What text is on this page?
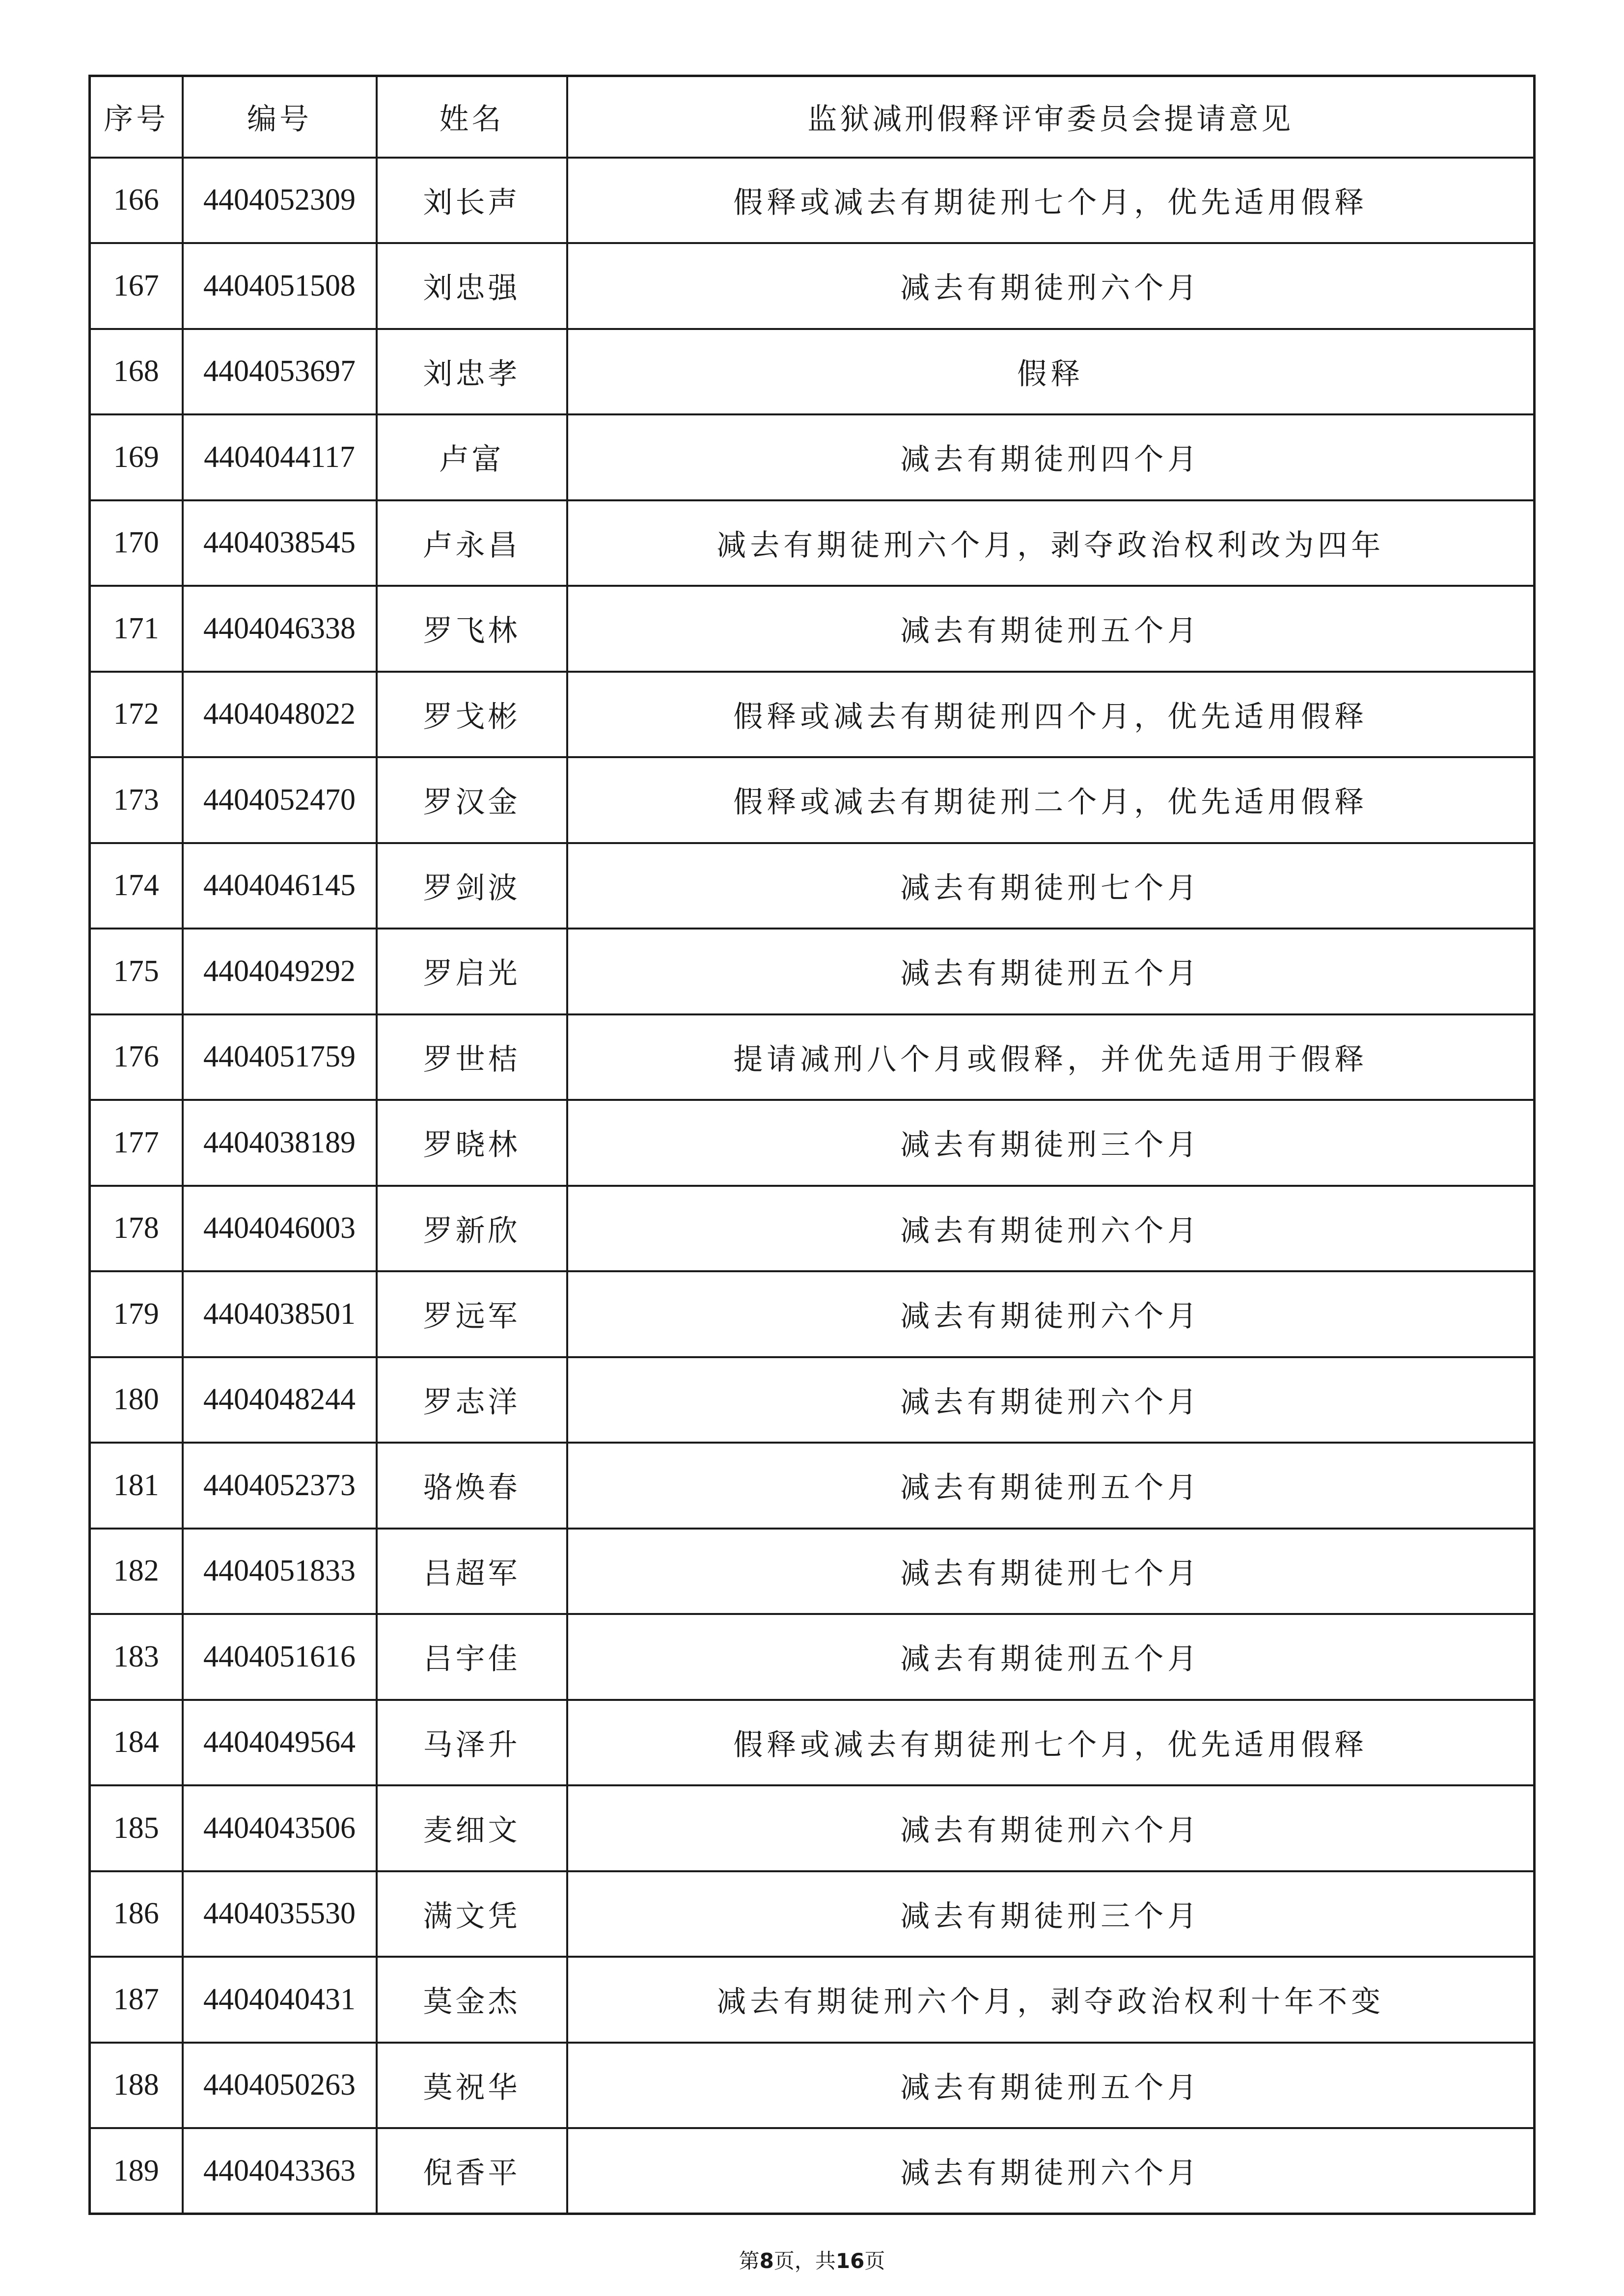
序号	编号	姓名	监狱减刑假释评审委员会提请意见
166	4404052309	刘长声	假释或减去有期徒刑七个月，优先适用假释
167	4404051508	刘忠强	减去有期徒刑六个月
168	4404053697	刘忠孝	假释
169	4404044117	卢富	减去有期徒刑四个月
170	4404038545	卢永昌	减去有期徒刑六个月，剥夺政治权利改为四年
171	4404046338	罗飞林	减去有期徒刑五个月
172	4404048022	罗戈彬	假释或减去有期徒刑四个月，优先适用假释
173	4404052470	罗汉金	假释或减去有期徒刑二个月，优先适用假释
174	4404046145	罗剑波	减去有期徒刑七个月
175	4404049292	罗启光	减去有期徒刑五个月
176	4404051759	罗世桔	提请减刑八个月或假释，并优先适用于假释
177	4404038189	罗晓林	减去有期徒刑三个月
178	4404046003	罗新欣	减去有期徒刑六个月
179	4404038501	罗远军	减去有期徒刑六个月
180	4404048244	罗志洋	减去有期徒刑六个月
181	4404052373	骆焕春	减去有期徒刑五个月
182	4404051833	吕超军	减去有期徒刑七个月
183	4404051616	吕宇佳	减去有期徒刑五个月
184	4404049564	马泽升	假释或减去有期徒刑七个月，优先适用假释
185	4404043506	麦细文	减去有期徒刑六个月
186	4404035530	满文凭	减去有期徒刑三个月
187	4404040431	莫金杰	减去有期徒刑六个月，剥夺政治权利十年不变
188	4404050263	莫祝华	减去有期徒刑五个月
189	4404043363	倪香平	减去有期徒刑六个月
第8页，共16页
